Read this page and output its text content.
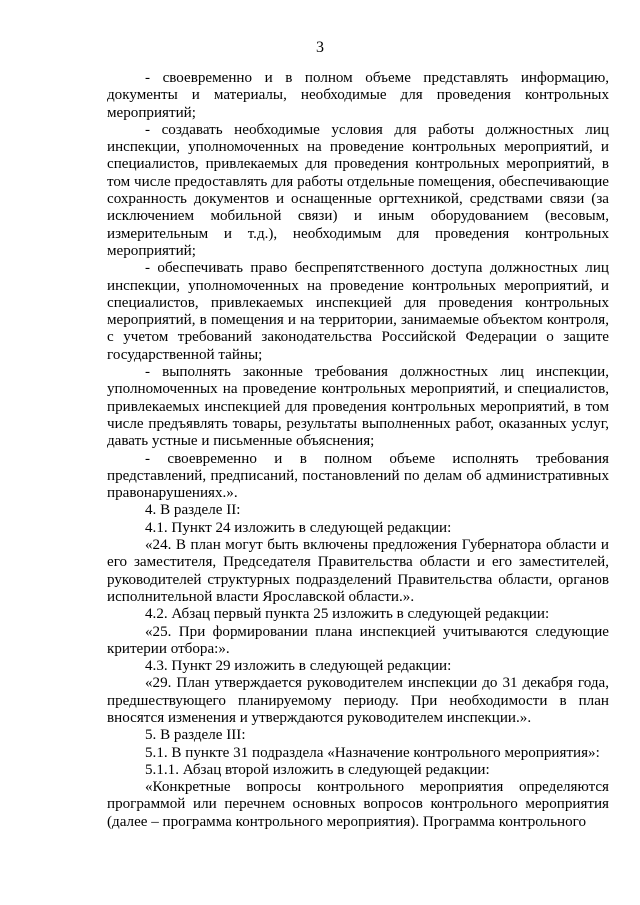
3

- своевременно и в полном объеме представлять информацию, документы и материалы, необходимые для проведения контрольных мероприятий;

- создавать необходимые условия для работы должностных лиц инспекции, уполномоченных на проведение контрольных мероприятий, и специалистов, привлекаемых для проведения контрольных мероприятий, в том числе предоставлять для работы отдельные помещения, обеспечивающие сохранность документов и оснащенные оргтехникой, средствами связи (за исключением мобильной связи) и иным оборудованием (весовым, измерительным и т.д.), необходимым для проведения контрольных мероприятий;

- обеспечивать право беспрепятственного доступа должностных лиц инспекции, уполномоченных на проведение контрольных мероприятий, и специалистов, привлекаемых инспекцией для проведения контрольных мероприятий, в помещения и на территории, занимаемые объектом контроля, с учетом требований законодательства Российской Федерации о защите государственной тайны;

- выполнять законные требования должностных лиц инспекции, уполномоченных на проведение контрольных мероприятий, и специалистов, привлекаемых инспекцией для проведения контрольных мероприятий, в том числе предъявлять товары, результаты выполненных работ, оказанных услуг, давать устные и письменные объяснения;

- своевременно и в полном объеме исполнять требования представлений, предписаний, постановлений по делам об административных правонарушениях.».

4. В разделе II:

4.1. Пункт 24 изложить в следующей редакции:

«24. В план могут быть включены предложения Губернатора области и его заместителя, Председателя Правительства области и его заместителей, руководителей структурных подразделений Правительства области, органов исполнительной власти Ярославской области.».

4.2. Абзац первый пункта 25 изложить в следующей редакции:

«25. При формировании плана инспекцией учитываются следующие критерии отбора:».

4.3. Пункт 29 изложить в следующей редакции:

«29. План утверждается руководителем инспекции до 31 декабря года, предшествующего планируемому периоду. При необходимости в план вносятся изменения и утверждаются руководителем инспекции.».

5. В разделе III:

5.1. В пункте 31 подраздела «Назначение контрольного мероприятия»:

5.1.1. Абзац второй изложить в следующей редакции:

«Конкретные вопросы контрольного мероприятия определяются программой или перечнем основных вопросов контрольного мероприятия (далее – программа контрольного мероприятия). Программа контрольного
